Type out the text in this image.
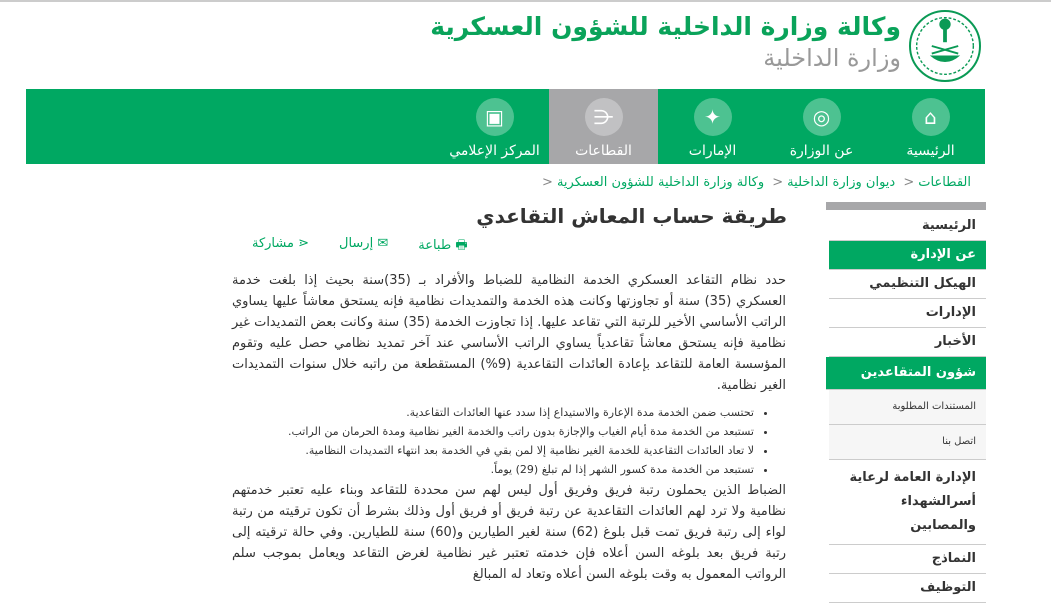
وكالة وزارة الداخلية للشؤون العسكرية
وزارة الداخلية
⌂
الرئيسية
◎
عن الوزارة
✦
الإمارات
⋲
القطاعات
▣
المركز الإعلامي
القطاعات< ديوان وزارة الداخلية< وكالة وزارة الداخلية للشؤون العسكرية<
طريقة حساب المعاش التقاعدي
🖶 طباعة
✉ إرسال
⋖ مشاركة

حدد نظام التقاعد العسكري الخدمة النظامية للضباط والأفراد بـ (35)سنة بحيث إذا بلغت خدمة العسكري (35) سنة أو تجاوزتها وكانت هذه الخدمة والتمديدات نظامية فإنه يستحق معاشاً عليها يساوي الراتب الأساسي الأخير للرتبة التي تقاعد عليها. إذا تجاوزت الخدمة (35) سنة وكانت بعض التمديدات غير نظامية فإنه يستحق معاشاً تقاعدياً يساوي الراتب الأساسي عند آخر تمديد نظامي حصل عليه وتقوم المؤسسة العامة للتقاعد بإعادة العائدات التقاعدية (9%) المستقطعة من راتبه خلال سنوات التمديدات الغير نظامية.

• تحتسب ضمن الخدمة مدة الإعارة والاستيداع إذا سدد عنها العائدات التقاعدية.
• تستبعد من الخدمة مدة أيام الغياب والإجازة بدون راتب والخدمة الغير نظامية ومدة الحرمان من الراتب.
• لا تعاد العائدات التقاعدية للخدمة الغير نظامية إلا لمن بقي في الخدمة بعد انتهاء التمديدات النظامية.
• تستبعد من الخدمة مدة كسور الشهر إذا لم تبلغ (29) يوماً.

الضباط الذين يحملون رتبة فريق وفريق أول ليس لهم سن محددة للتقاعد وبناء عليه تعتبر خدمتهم نظامية ولا ترد لهم العائدات التقاعدية عن رتبة فريق أو فريق أول وذلك بشرط أن تكون ترقيته من رتبة لواء إلى رتبة فريق تمت قبل بلوغ (62) سنة لغير الطيارين و(60) سنة للطيارين. وفي حالة ترقيته إلى رتبة فريق بعد بلوغه السن أعلاه فإن خدمته تعتبر غير نظامية لغرض التقاعد ويعامل بموجب سلم الرواتب المعمول به وقت بلوغه السن أعلاه وتعاد له المبالغ

الرئيسية
عن الإدارة
الهيكل التنظيمي
الإدارات
الأخبار
شؤون المتقاعدين
المستندات المطلوبة
اتصل بنا
الإدارة العامة لرعاية أسرالشهداء والمصابين
النماذج
التوظيف
